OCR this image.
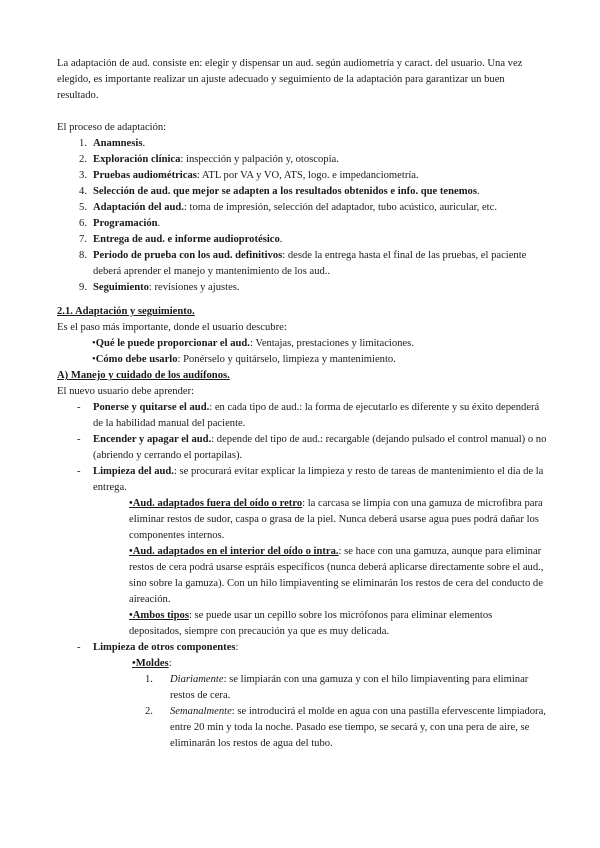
La adaptación de aud. consiste en: elegir y dispensar un aud. según audiometría y caract. del usuario. Una vez elegido, es importante realizar un ajuste adecuado y seguimiento de la adaptación para garantizar un buen resultado.

El proceso de adaptación:

1. Anamnesis.
2. Exploración clínica: inspección y palpación y, otoscopia.
3. Pruebas audiométricas: ATL por VA y VO, ATS, logo. e impedanciometría.
4. Selección de aud. que mejor se adapten a los resultados obtenidos e info. que tenemos.
5. Adaptación del aud.: toma de impresión, selección del adaptador, tubo acústico, auricular, etc.
6. Programación.
7. Entrega de aud. e informe audioprotésico.
8. Periodo de prueba con los aud. definitivos: desde la entrega hasta el final de las pruebas, el paciente deberá aprender el manejo y mantenimiento de los aud..
9. Seguimiento: revisiones y ajustes.

2.1. Adaptación y seguimiento.

Es el paso más importante, donde el usuario descubre:

•Qué le puede proporcionar el aud.: Ventajas, prestaciones y limitaciones.

•Cómo debe usarlo: Ponérselo y quitárselo, limpieza y mantenimiento.

A) Manejo y cuidado de los audífonos.

El nuevo usuario debe aprender:

- Ponerse y quitarse el aud.: en cada tipo de aud.: la forma de ejecutarlo es diferente y su éxito dependerá de la habilidad manual del paciente.
- Encender y apagar el aud.: depende del tipo de aud.: recargable (dejando pulsado el control manual) o no (abriendo y cerrando el portapilas).
- Limpieza del aud.: se procurará evitar explicar la limpieza y resto de tareas de mantenimiento el día de la entrega.

•Aud. adaptados fuera del oído o retro: la carcasa se limpia con una gamuza de microfibra para eliminar restos de sudor, caspa o grasa de la piel. Nunca deberá usarse agua pues podrá dañar los componentes internos.

•Aud. adaptados en el interior del oído o intra.: se hace con una gamuza, aunque para eliminar restos de cera podrá usarse espráis específicos (nunca deberá aplicarse directamente sobre el aud., sino sobre la gamuza). Con un hilo limpiaventing se eliminarán los restos de cera del conducto de aireación.

•Ambos tipos: se puede usar un cepillo sobre los micrófonos para eliminar elementos depositados, siempre con precaución ya que es muy delicada.

- Limpieza de otros componentes:

•Moldes:

1. Diariamente: se limpiarán con una gamuza y con el hilo limpiaventing para eliminar restos de cera.
2. Semanalmente: se introducirá el molde en agua con una pastilla efervescente limpiadora, entre 20 min y toda la noche. Pasado ese tiempo, se secará y, con una pera de aire, se eliminarán los restos de agua del tubo.
